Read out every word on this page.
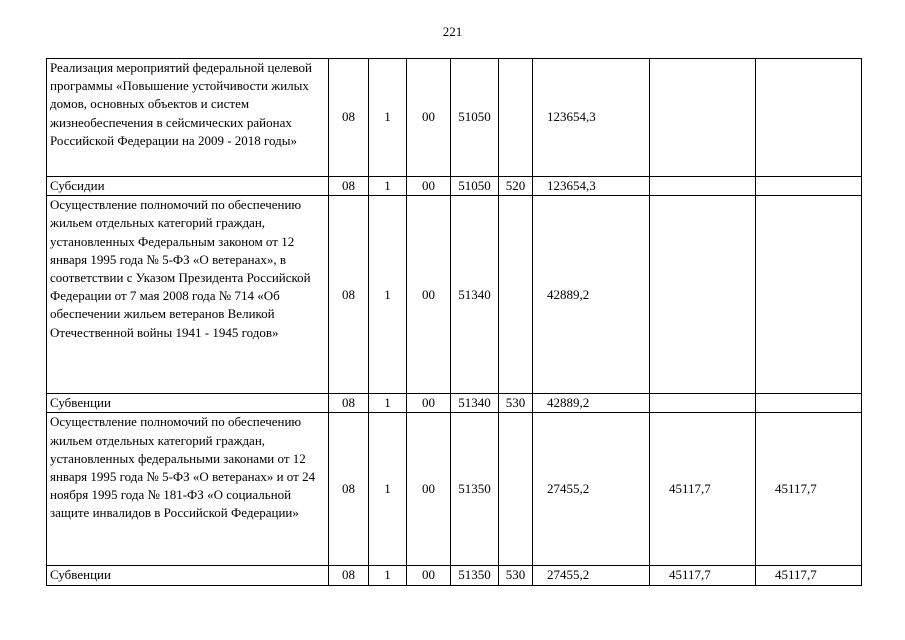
221
Реализация мероприятий федеральной целевой программы «Повышение устойчивости жилых домов, основных объектов и систем жизнеобеспечения в сейсмических районах Российской Федерации на 2009 - 2018 годы»	08	1	00	51050		123654,3		
Субсидии	08	1	00	51050	520	123654,3		
Осуществление полномочий по обеспечению жильем отдельных категорий граждан, установленных Федеральным законом от 12 января 1995 года № 5-ФЗ «О ветеранах», в соответствии с Указом Президента Российской Федерации от 7 мая 2008 года № 714 «Об обеспечении жильем ветеранов Великой Отечественной войны 1941 - 1945 годов»	08	1	00	51340		42889,2		
Субвенции	08	1	00	51340	530	42889,2		
Осуществление полномочий по обеспечению жильем отдельных категорий граждан, установленных федеральными законами от 12 января 1995 года № 5-ФЗ «О ветеранах» и от 24 ноября 1995 года № 181-ФЗ «О социальной защите инвалидов в Российской Федерации»	08	1	00	51350		27455,2	45117,7	45117,7
Субвенции	08	1	00	51350	530	27455,2	45117,7	45117,7
